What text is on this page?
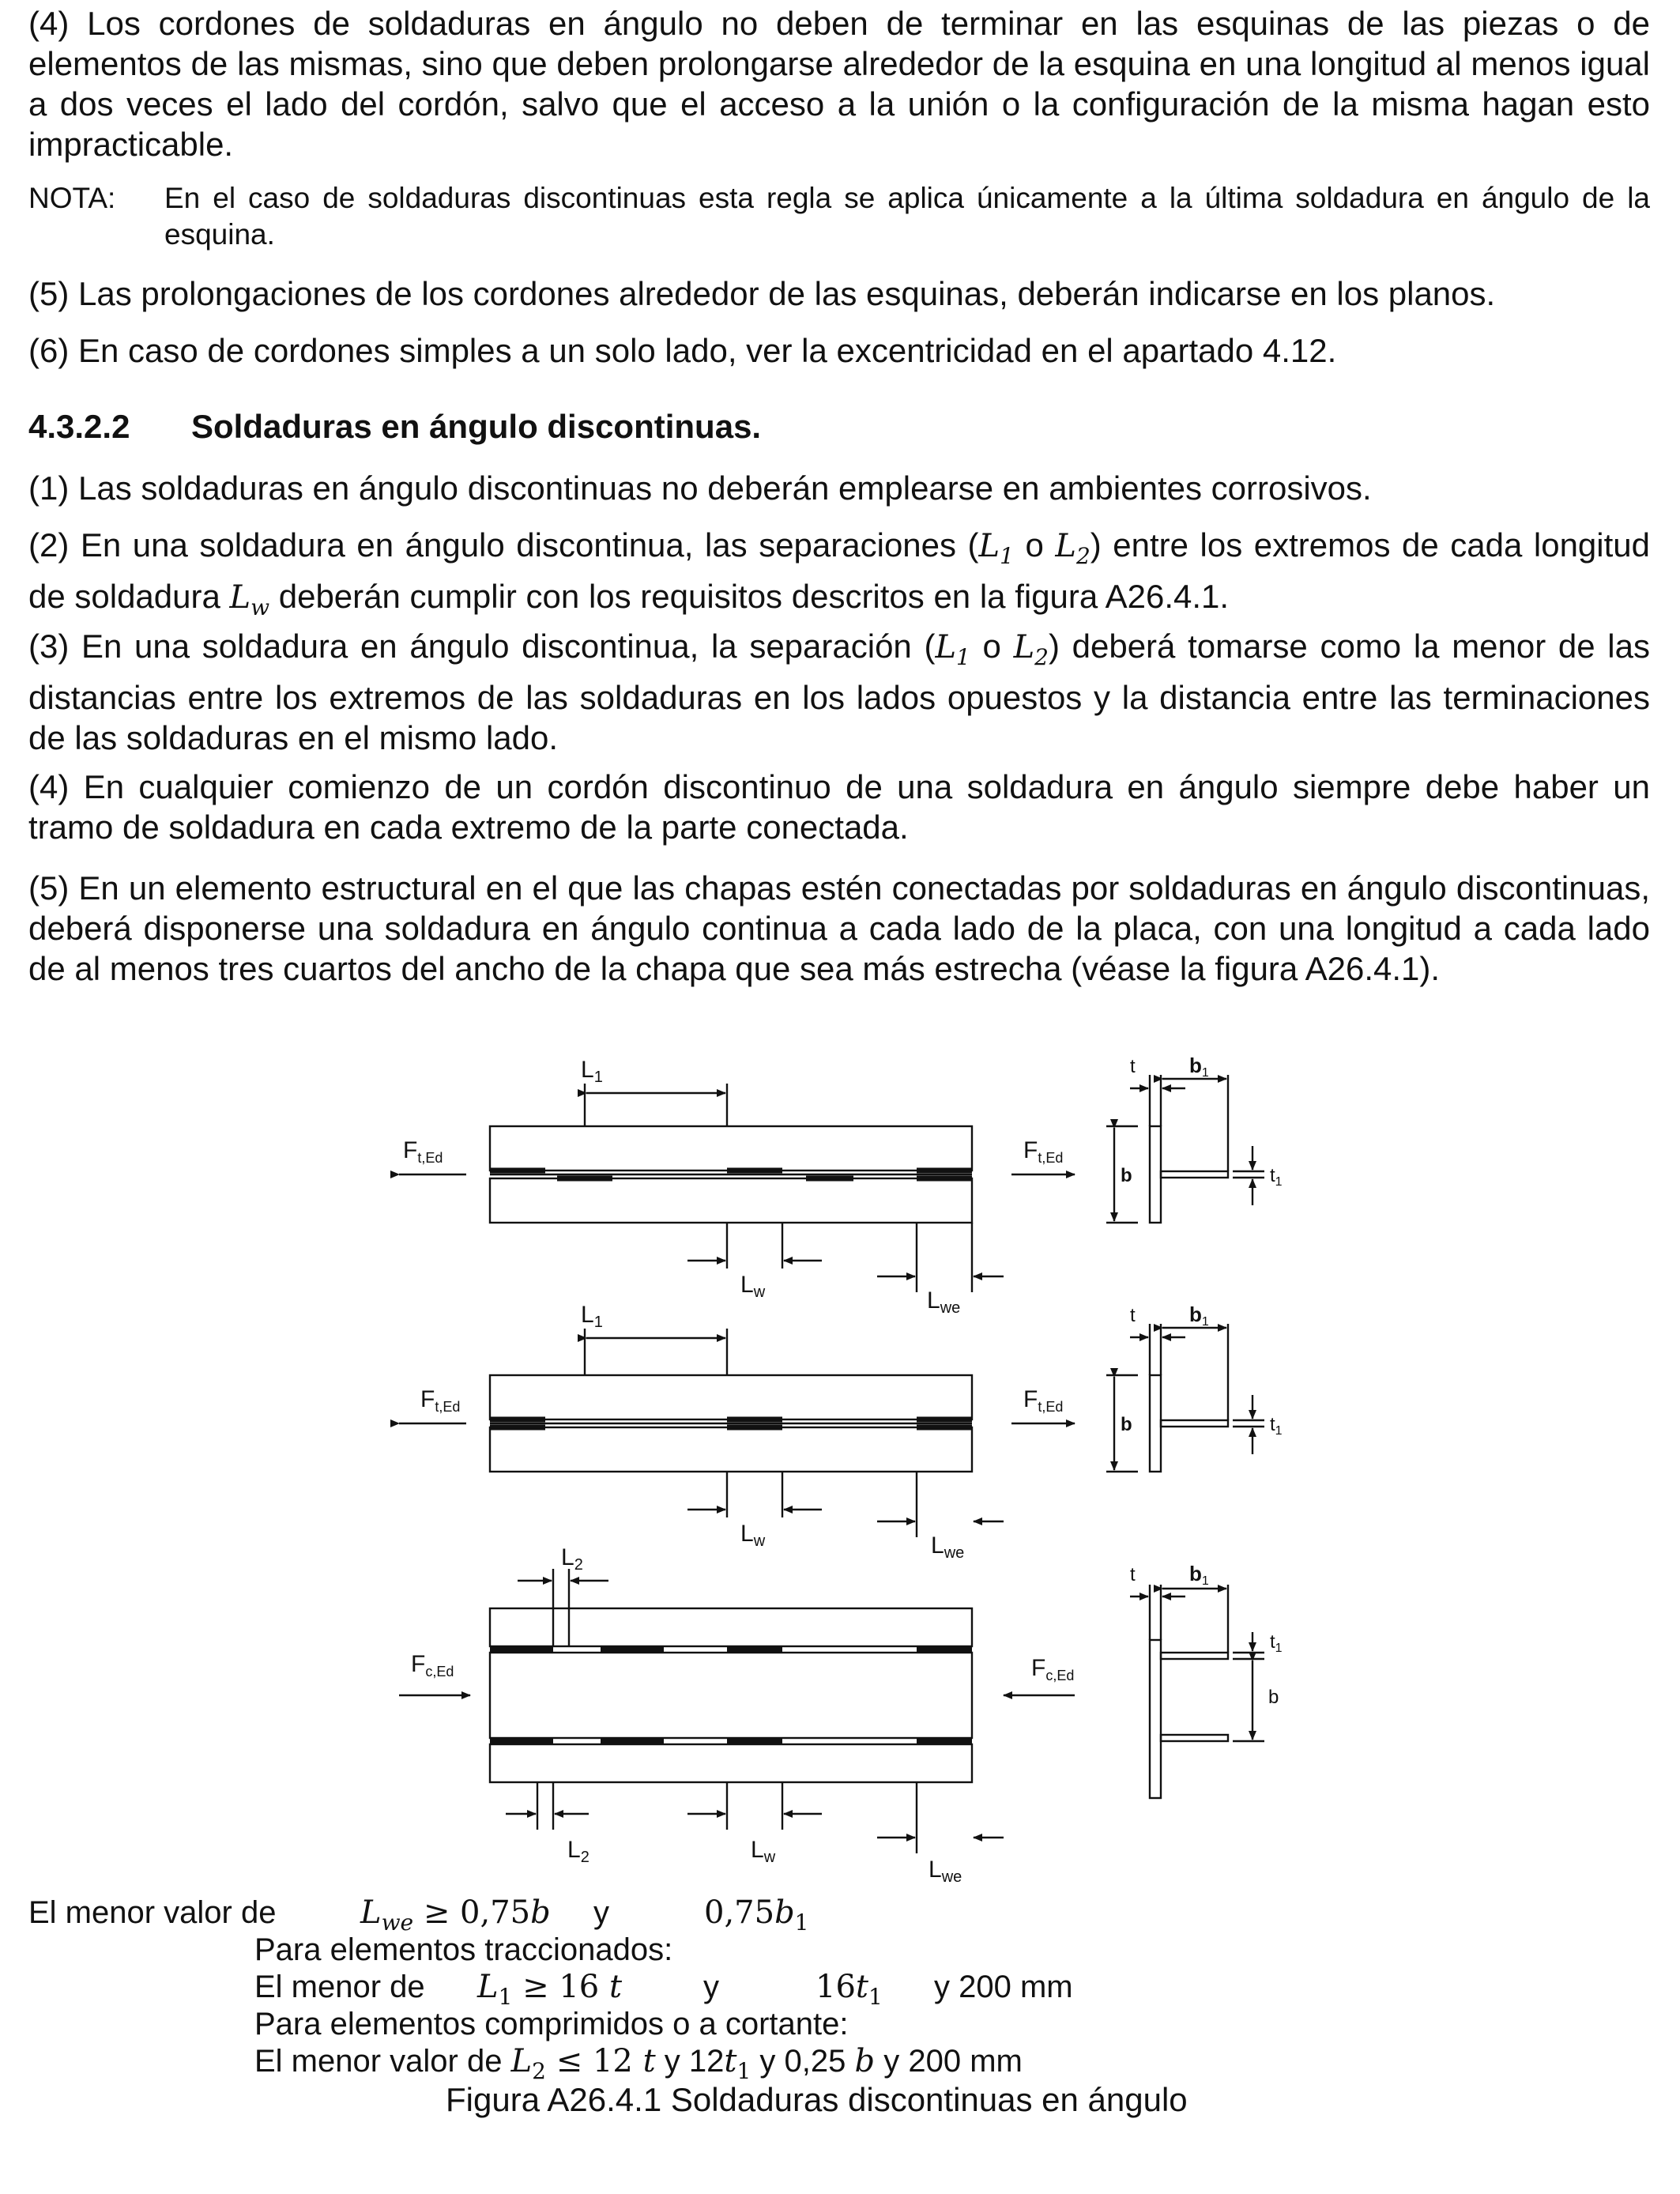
(4) Los cordones de soldaduras en ángulo no deben de terminar en las esquinas de las piezas o de elementos de las mismas, sino que deben prolongarse alrededor de la esquina en una longitud al menos igual a dos veces el lado del cordón, salvo que el acceso a la unión o la configuración de la misma hagan esto impracticable.

NOTA: En el caso de soldaduras discontinuas esta regla se aplica únicamente a la última soldadura en ángulo de la esquina.

(5) Las prolongaciones de los cordones alrededor de las esquinas, deberán indicarse en los planos.

(6) En caso de cordones simples a un solo lado, ver la excentricidad en el apartado 4.12.

4.3.2.2 Soldaduras en ángulo discontinuas.

(1) Las soldaduras en ángulo discontinuas no deberán emplearse en ambientes corrosivos.

(2) En una soldadura en ángulo discontinua, las separaciones ($L_1$ o $L_2$) entre los extremos de cada longitud de soldadura $L_w$ deberán cumplir con los requisitos descritos en la figura A26.4.1.

(3) En una soldadura en ángulo discontinua, la separación ($L_1$ o $L_2$) deberá tomarse como la menor de las distancias entre los extremos de las soldaduras en los lados opuestos y la distancia entre las terminaciones de las soldaduras en el mismo lado.

(4) En cualquier comienzo de un cordón discontinuo de una soldadura en ángulo siempre debe haber un tramo de soldadura en cada extremo de la parte conectada.

(5) En un elemento estructural en el que las chapas estén conectadas por soldaduras en ángulo discontinuas, deberá disponerse una soldadura en ángulo continua a cada lado de la placa, con una longitud a cada lado de al menos tres cuartos del ancho de la chapa que sea más estrecha (véase la figura A26.4.1).

$L_1$
$F_{t,Ed}$	$F_{t,Ed}$
$L_w$	$L_{we}$
b
t	b1
$t_1$
$L_1$
$F_{t,Ed}$	$F_{t,Ed}$
$L_w$	$L_{we}$
b
t	b1
$t_1$
$L_2$
$F_{c,Ed}$	$F_{c,Ed}$
$L_2$	$L_w$	$L_{we}$
t	b1
$t_1$
b
El menor valor de	$L_{we} \ge 0,75b$ y	$0,75b_1$
Para elementos traccionados:
El menor de $L_1 \ge 16$ t	y	$16t_1$ y 200 mm
Para elementos comprimidos o a cortante:
El menor valor de $L_2 \le 12$ t y $12t_1$ y 0,25 b y 200 mm
Figura A26.4.1 Soldaduras discontinuas en ángulo
